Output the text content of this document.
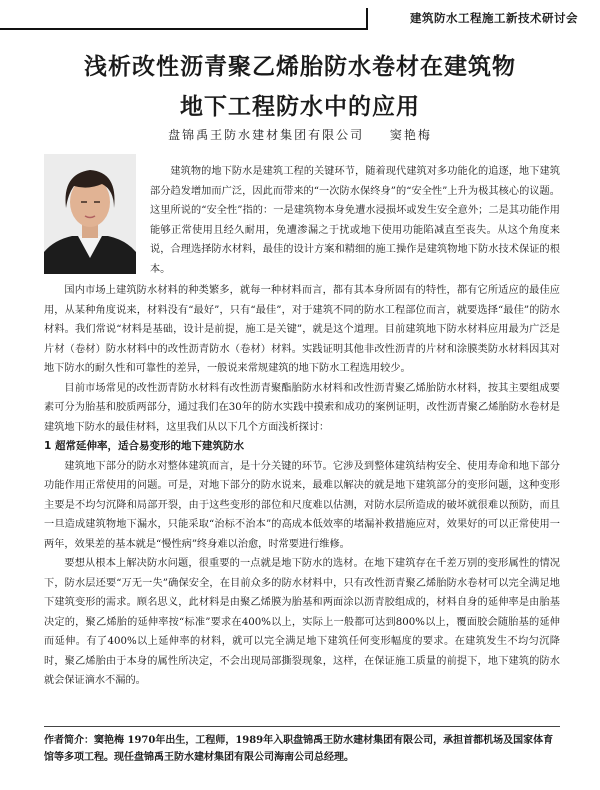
建筑防水工程施工新技术研讨会
浅析改性沥青聚乙烯胎防水卷材在建筑物
地下工程防水中的应用
盘锦禹王防水建材集团有限公司 窦艳梅
建筑物的地下防水是建筑工程的关键环节，随着现代建筑对多功能化的追逐，地下建筑部分趋发增加而广泛，因此而带来的“一次防水保终身”的“安全性”上升为极其核心的议题。这里所说的“安全性”指的：一是建筑物本身免遭水浸损坏或发生安全意外；二是其功能作用能够正常使用且经久耐用，免遭渗漏之于扰或地下使用功能陷减直至丧失。从这个角度来说，合理选择防水材料，最佳的设计方案和精细的施工操作是建筑物地下防水技术保证的根本。

国内市场上建筑防水材料的种类繁多，就每一种材料而言，都有其本身所固有的特性，都有它所适应的最佳应用，从某种角度说来，材料没有“最好”，只有“最佳”，对于建筑不同的防水工程部位而言，就要选择“最佳”的防水材料。我们常说“材料是基础，设计是前提，施工是关键”，就是这个道理。目前建筑地下防水材料应用最为广泛是片材（卷材）防水材料中的改性沥青防水（卷材）材料。实践证明其他非改性沥青的片材和涂膜类防水材料因其对地下防水的耐久性和可靠性的差异，一般说来常规建筑的地下防水工程选用较少。

目前市场常见的改性沥青防水材料有改性沥青聚酯胎防水材料和改性沥青聚乙烯胎防水材料，按其主要组成要素可分为胎基和胶质两部分，通过我们在30年的防水实践中摸索和成功的案例证明，改性沥青聚乙烯胎防水卷材是建筑地下防水的最佳材料，这里我们从以下几个方面浅析探讨：

1 超常延伸率，适合易变形的地下建筑防水

建筑地下部分的防水对整体建筑而言，是十分关键的环节。它涉及到整体建筑结构安全、使用寿命和地下部分功能作用正常使用的问题。可是，对地下部分的防水说来，最难以解决的就是地下建筑部分的变形问题，这种变形主要是不均匀沉降和局部开裂，由于这些变形的部位和尺度难以估测，对防水层所造成的破坏就很难以预防，而且一旦造成建筑物地下漏水，只能采取“治标不治本”的高成本低效率的堵漏补救措施应对，效果好的可以正常使用一两年，效果差的基本就是“慢性病”终身难以治愈，时常要进行维修。

要想从根本上解决防水问题，很重要的一点就是地下防水的选材。在地下建筑存在千差万别的变形属性的情况下，防水层还要“万无一失”确保安全，在目前众多的防水材料中，只有改性沥青聚乙烯胎防水卷材可以完全满足地下建筑变形的需求。顾名思义，此材料是由聚乙烯膜为胎基和两面涂以沥青胶组成的，材料自身的延伸率是由胎基决定的，聚乙烯胎的延伸率按“标准”要求在400%以上，实际上一般都可达到800%以上，覆面胶会随胎基的延伸而延伸。有了400%以上延伸率的材料，就可以完全满足地下建筑任何变形幅度的要求。在建筑发生不均匀沉降时，聚乙烯胎由于本身的属性所决定，不会出现局部撕裂现象，这样，在保证施工质量的前提下，地下建筑的防水就会保证滴水不漏的。

作者简介：窦艳梅 1970年出生，工程师，1989年入职盘锦禹王防水建材集团有限公司，承担首都机场及国家体育馆等多项工程。现任盘锦禹王防水建材集团有限公司海南公司总经理。
